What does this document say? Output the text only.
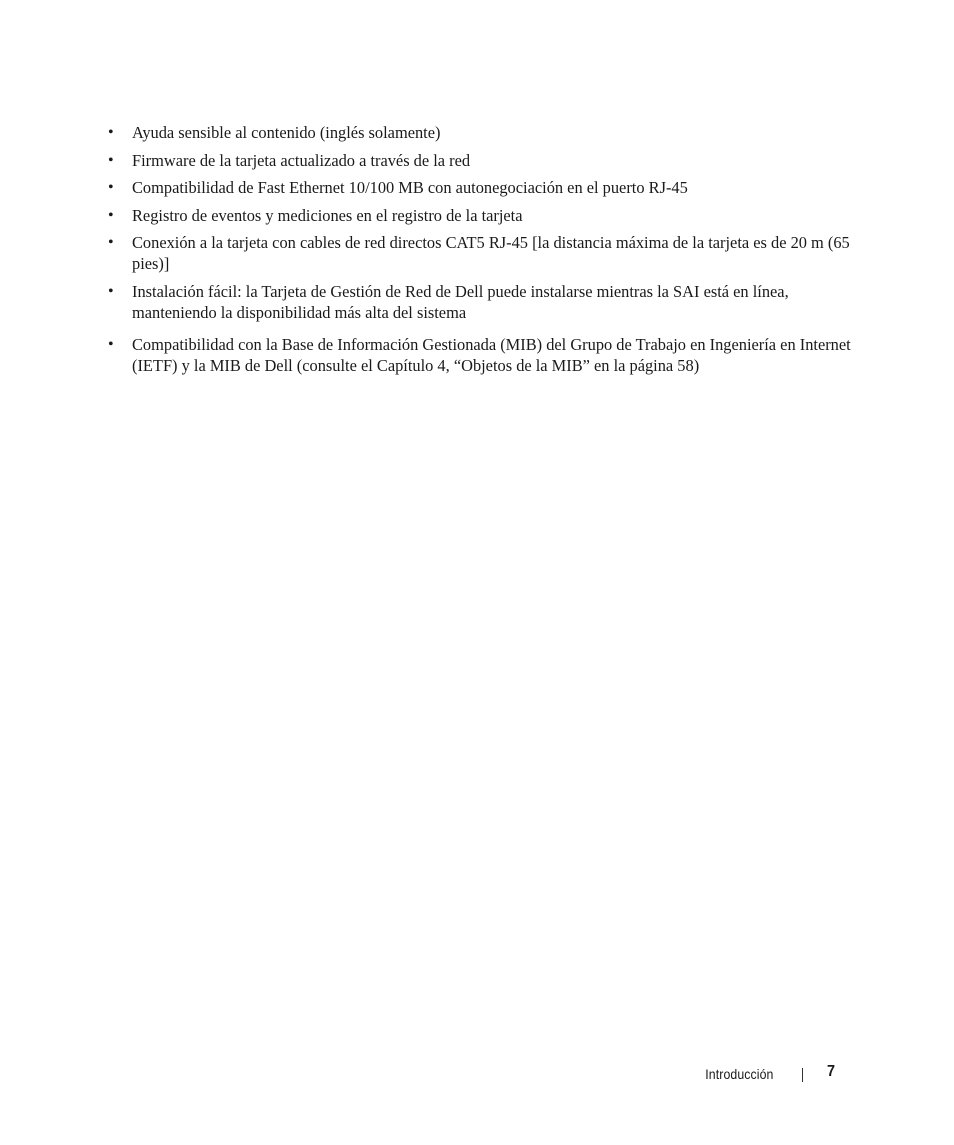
• Ayuda sensible al contenido (inglés solamente)
• Firmware de la tarjeta actualizado a través de la red
• Compatibilidad de Fast Ethernet 10/100 MB con autonegociación en el puerto RJ-45
• Registro de eventos y mediciones en el registro de la tarjeta
• Conexión a la tarjeta con cables de red directos CAT5 RJ-45 [la distancia máxima de la tarjeta es de 20 m (65 pies)]
• Instalación fácil: la Tarjeta de Gestión de Red de Dell puede instalarse mientras la SAI está en línea, manteniendo la disponibilidad más alta del sistema
• Compatibilidad con la Base de Información Gestionada (MIB) del Grupo de Trabajo en Ingeniería en Internet (IETF) y la MIB de Dell (consulte el Capítulo 4, “Objetos de la MIB” en la página 58)
Introducción	7
